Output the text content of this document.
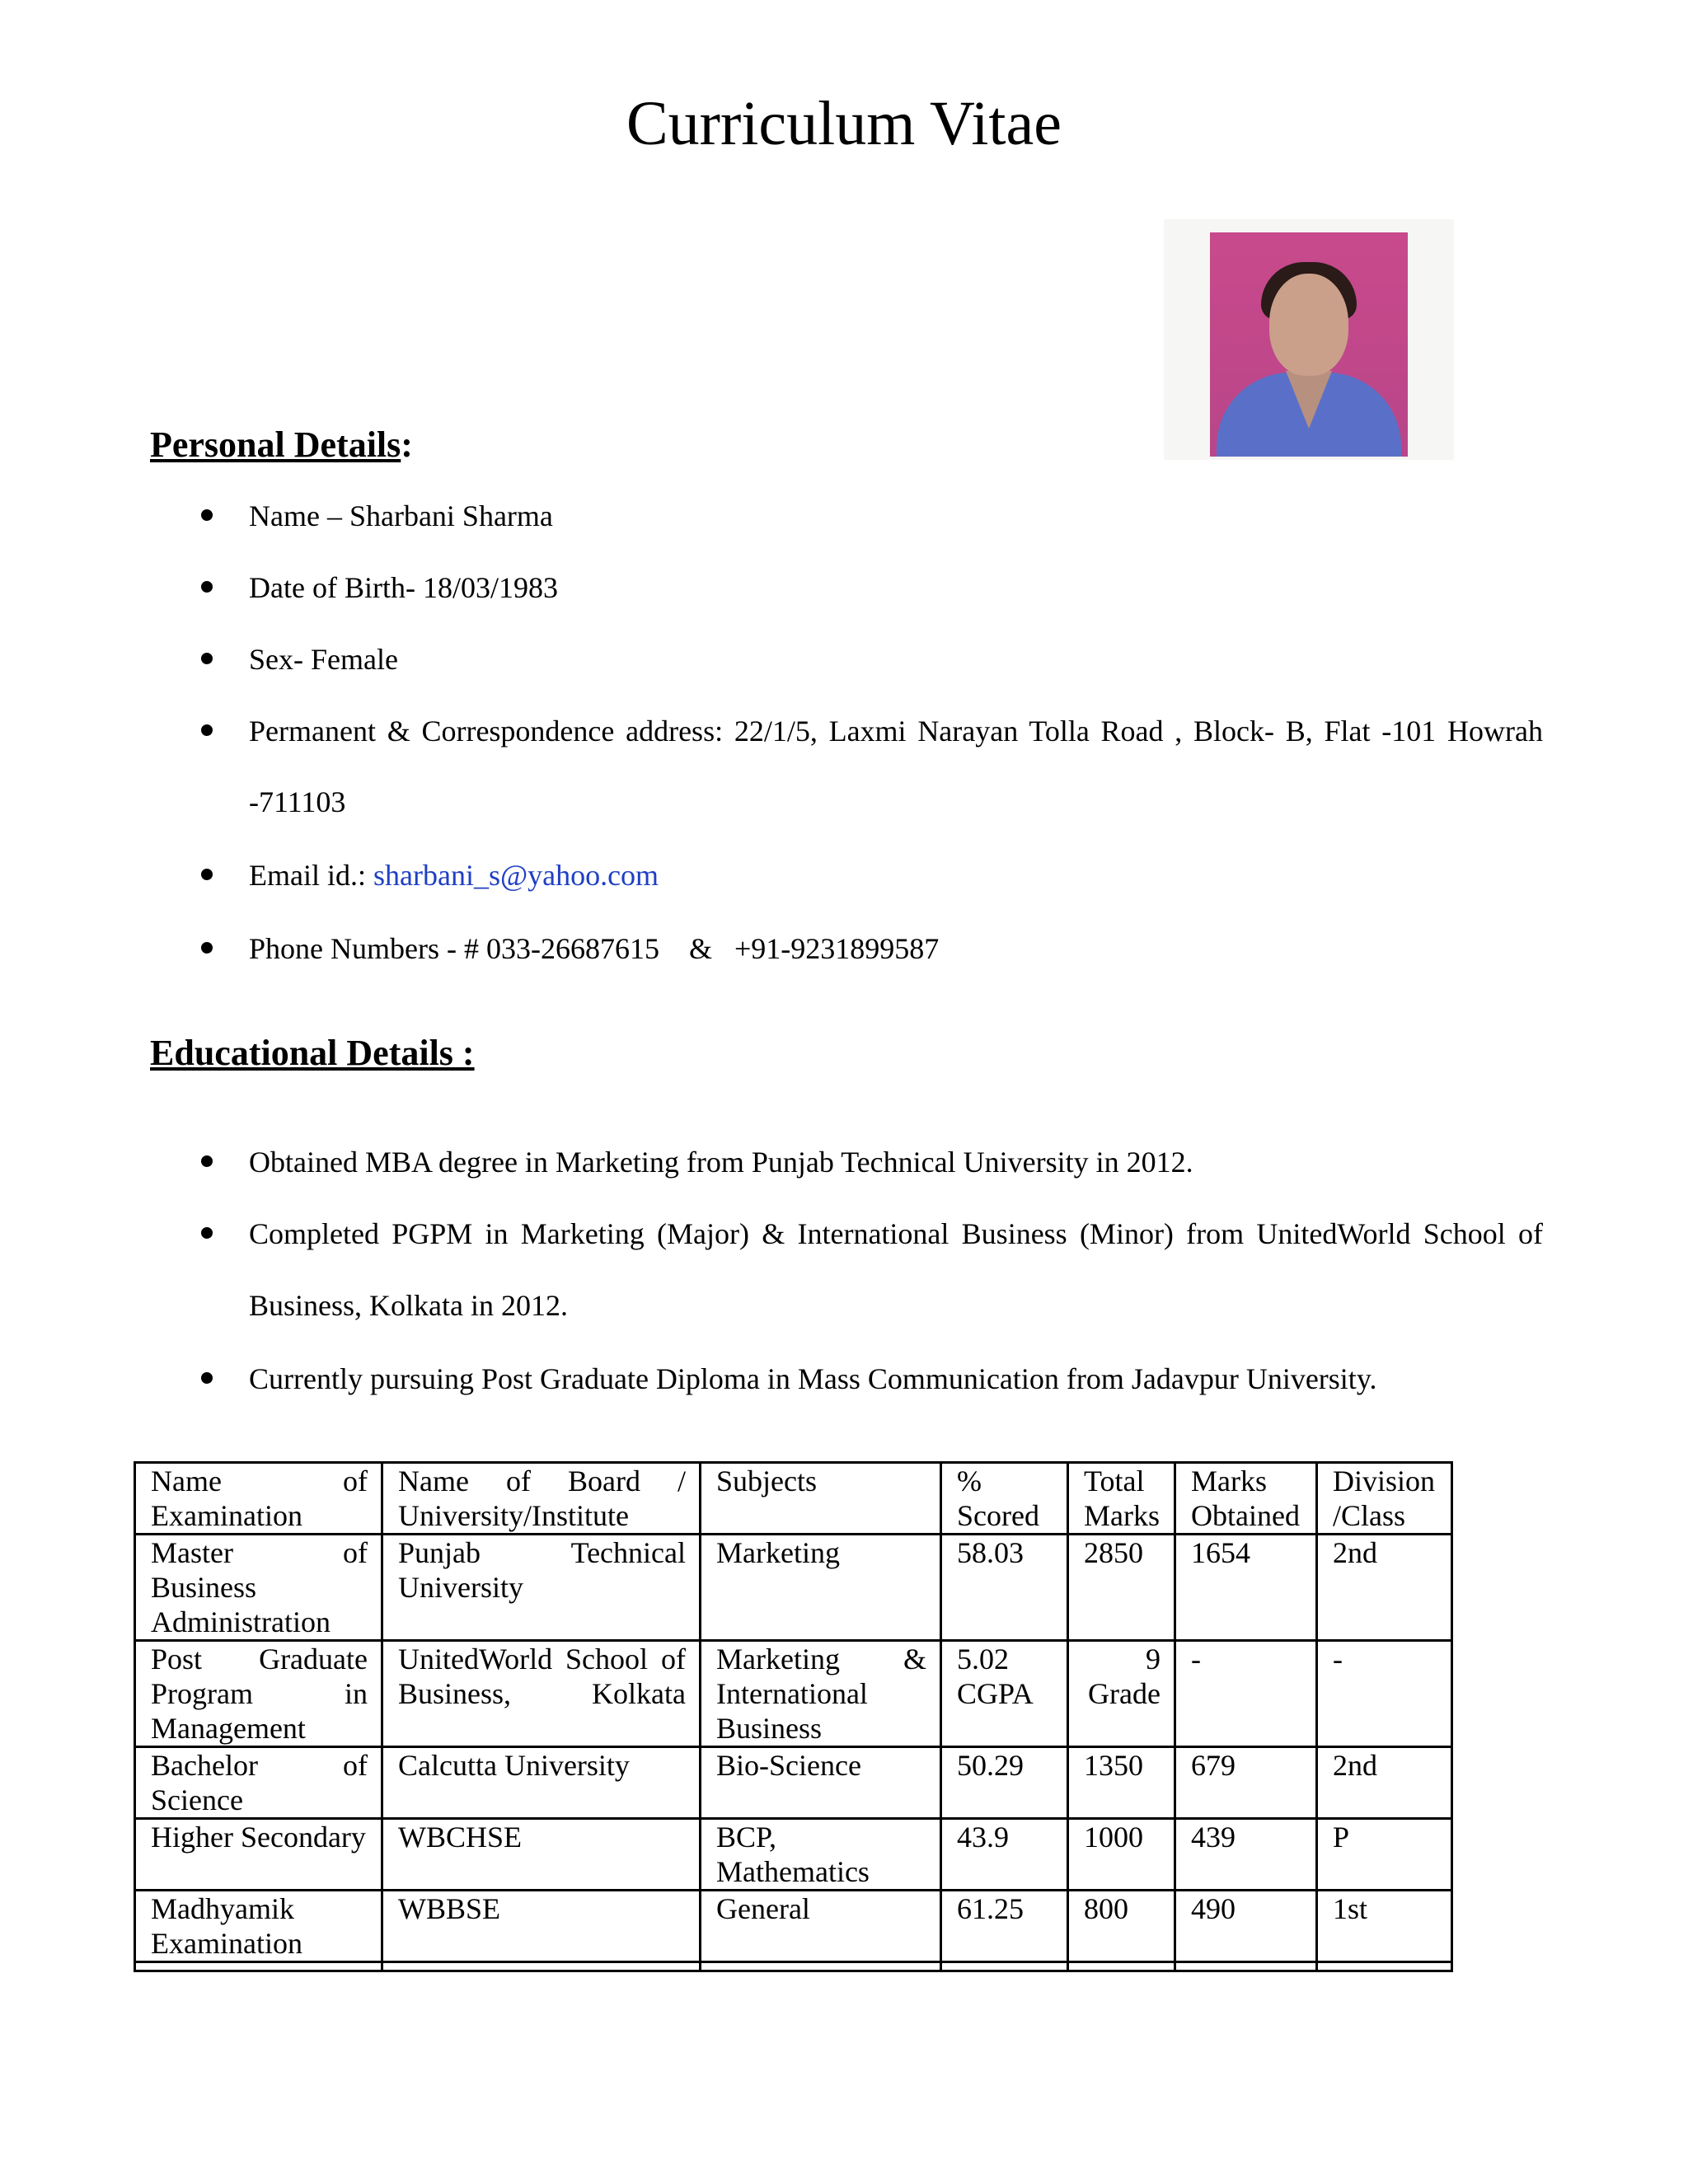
Curriculum Vitae
Personal Details:
Name – Sharbani Sharma
Date of Birth- 18/03/1983
Sex- Female
Permanent & Correspondence address: 22/1/5, Laxmi Narayan Tolla Road , Block- B, Flat -101 Howrah
-711103
Email id.: sharbani_s@yahoo.com
Phone Numbers - # 033-26687615    &   +91-9231899587
Educational Details :
Obtained MBA degree in Marketing from Punjab Technical University in 2012.
Completed PGPM in Marketing (Major) & International Business (Minor) from UnitedWorld School of
Business, Kolkata in 2012.
Currently pursuing Post Graduate Diploma in Mass Communication from Jadavpur University.
Name of Examination	Name of Board / University/Institute	Subjects	% Scored	Total Marks	Marks Obtained	Division /Class
Master of Business Administration	Punjab Technical University	Marketing	58.03	2850	1654	2nd
Post Graduate Program in Management	UnitedWorld School of Business, Kolkata	Marketing & International Business	5.02 CGPA	9 Grade	-	-
Bachelor of Science	Calcutta University	Bio-Science	50.29	1350	679	2nd
Higher Secondary	WBCHSE	BCP, Mathematics	43.9	1000	439	P
Madhyamik Examination	WBBSE	General	61.25	800	490	1st
